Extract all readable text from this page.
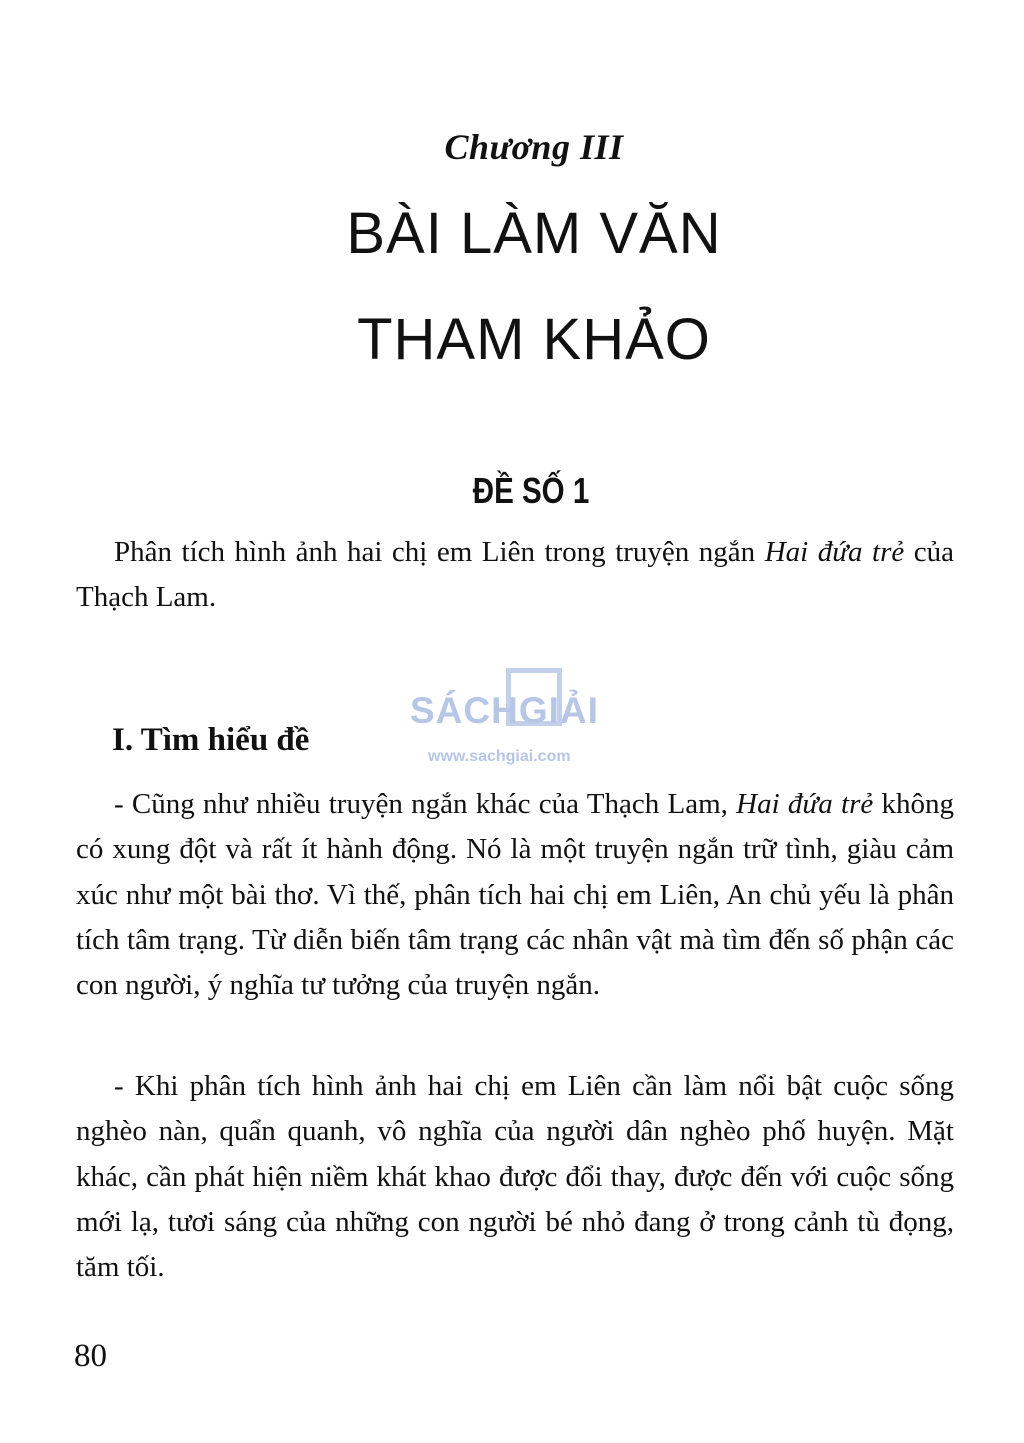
Chương III
BÀI LÀM VĂN
THAM KHẢO
ĐỀ SỐ 1
Phân tích hình ảnh hai chị em Liên trong truyện ngắn Hai đứa trẻ của Thạch Lam.
SÁCHGIẢI
www.sachgiai.com
I. Tìm hiểu đề

- Cũng như nhiều truyện ngắn khác của Thạch Lam, Hai đứa trẻ không có xung đột và rất ít hành động. Nó là một truyện ngắn trữ tình, giàu cảm xúc như một bài thơ. Vì thế, phân tích hai chị em Liên, An chủ yếu là phân tích tâm trạng. Từ diễn biến tâm trạng các nhân vật mà tìm đến số phận các con người, ý nghĩa tư tưởng của truyện ngắn.

- Khi phân tích hình ảnh hai chị em Liên cần làm nổi bật cuộc sống nghèo nàn, quẩn quanh, vô nghĩa của người dân nghèo phố huyện. Mặt khác, cần phát hiện niềm khát khao được đổi thay, được đến với cuộc sống mới lạ, tươi sáng của những con người bé nhỏ đang ở trong cảnh tù đọng, tăm tối.

80
